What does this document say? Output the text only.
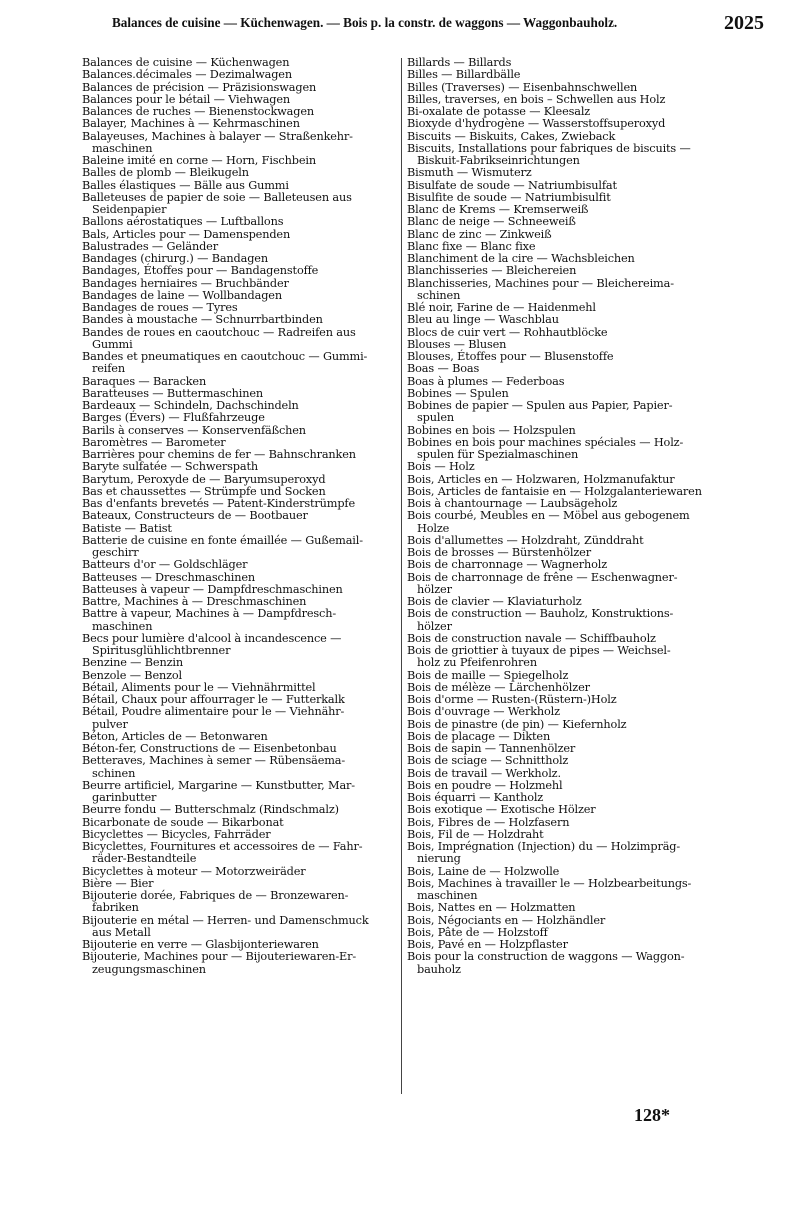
Balances de cuisine — Küchenwagen. — Bois p. la constr. de waggons — Waggonbauholz.	2025
Balances de cuisine — Küchenwagen
Balances.décimales — Dezimalwagen
Balances de précision — Präzisionswagen
Balances pour le bétail — Viehwagen
Balances de ruches — Bienenstockwagen
Balayer, Machines à — Kehrmaschinen
Balayeuses, Machines à balayer — Straßenkehr-
maschinen
Baleine imité en corne — Horn, Fischbein
Balles de plomb — Bleikugeln
Balles élastiques — Bälle aus Gummi
Balleteuses de papier de soie — Balleteusen aus
Seidenpapier
Ballons aérostatiques — Luftballons
Bals, Articles pour — Damenspenden
Balustrades — Geländer
Bandages (chirurg.) — Bandagen
Bandages, Étoffes pour — Bandagenstoffe
Bandages herniaires — Bruchbänder
Bandages de laine — Wollbandagen
Bandages de roues — Tyres
Bandes à moustache — Schnurrbartbinden
Bandes de roues en caoutchouc — Radreifen aus
Gummi
Bandes et pneumatiques en caoutchouc — Gummi-
reifen
Baraques — Baracken
Baratteuses — Buttermaschinen
Bardeaux — Schindeln, Dachschindeln
Barges (Évers) — Flußfahrzeuge
Barils à conserves — Konservenfäßchen
Baromètres — Barometer
Barrières pour chemins de fer — Bahnschranken
Baryte sulfatée — Schwerspath
Barytum, Peroxyde de — Baryumsuperoxyd
Bas et chaussettes — Strümpfe und Socken
Bas d'enfants brevetés — Patent-Kinderstrümpfe
Bateaux, Constructeurs de — Bootbauer
Batiste — Batist
Batterie de cuisine en fonte émaillée — Gußemail-
geschirr
Batteurs d'or — Goldschläger
Batteuses — Dreschmaschinen
Batteuses à vapeur — Dampfdreschmaschinen
Battre, Machines à — Dreschmaschinen
Battre à vapeur, Machines à — Dampfdresch-
maschinen
Becs pour lumière d'alcool à incandescence —
Spiritusglühlichtbrenner
Benzine — Benzin
Benzole — Benzol
Bétail, Aliments pour le — Viehnährmittel
Bétail, Chaux pour affourrager le — Futterkalk
Bétail, Poudre alimentaire pour le — Viehnähr-
pulver
Béton, Articles de — Betonwaren
Béton-fer, Constructions de — Eisenbetonbau
Betteraves, Machines à semer — Rübensäema-
schinen
Beurre artificiel, Margarine — Kunstbutter, Mar-
garinbutter
Beurre fondu — Butterschmalz (Rindschmalz)
Bicarbonate de soude — Bikarbonat
Bicyclettes — Bicycles, Fahrräder
Bicyclettes, Fournitures et accessoires de — Fahr-
räder-Bestandteile
Bicyclettes à moteur — Motorzweiräder
Bière — Bier
Bijouterie dorée, Fabriques de — Bronzewaren-
fabriken
Bijouterie en métal — Herren- und Damenschmuck
aus Metall
Bijouterie en verre — Glasbijonteriewaren
Bijouterie, Machines pour — Bijouteriewaren-Er-
zeugungsmaschinen
Billards — Billards
Billes — Billardbälle
Billes (Traverses) — Eisenbahnschwellen
Billes, traverses, en bois – Schwellen aus Holz
Bi-oxalate de potasse — Kleesalz
Bioxyde d'hydrogène — Wasserstoffsuperoxyd
Biscuits — Biskuits, Cakes, Zwieback
Biscuits, Installations pour fabriques de biscuits —
Biskuit-Fabrikseinrichtungen
Bismuth — Wismuterz
Bisulfate de soude — Natriumbisulfat
Bisulfite de soude — Natriumbisulfit
Blanc de Krems — Kremserweiß
Blanc de neige — Schneeweiß
Blanc de zinc — Zinkweiß
Blanc fixe — Blanc fixe
Blanchiment de la cire — Wachsbleichen
Blanchisseries — Bleichereien
Blanchisseries, Machines pour — Bleichereima-
schinen
Blé noir, Farine de — Haidenmehl
Bleu au linge — Waschblau
Blocs de cuir vert — Rohhautblöcke
Blouses — Blusen
Blouses, Étoffes pour — Blusenstoffe
Boas — Boas
Boas à plumes — Federboas
Bobines — Spulen
Bobines de papier — Spulen aus Papier, Papier-
spulen
Bobines en bois — Holzspulen
Bobines en bois pour machines spéciales — Holz-
spulen für Spezialmaschinen
Bois — Holz
Bois, Articles en — Holzwaren, Holzmanufaktur
Bois, Articles de fantaisie en — Holzgalanteriewaren
Bois à chantournage — Laubsägeholz
Bois courbé, Meubles en — Möbel aus gebogenem
Holze
Bois d'allumettes — Holzdraht, Zünddraht
Bois de brosses — Bürstenhölzer
Bois de charronnage — Wagnerholz
Bois de charronnage de frêne — Eschenwagner-
hölzer
Bois de clavier — Klaviaturholz
Bois de construction — Bauholz, Konstruktions-
hölzer
Bois de construction navale — Schiffbauholz
Bois de griottier à tuyaux de pipes — Weichsel-
holz zu Pfeifenrohren
Bois de maille — Spiegelholz
Bois de mélèze — Lärchenhölzer
Bois d'orme — Rusten-(Rüstern-)Holz
Bois d'ouvrage — Werkholz
Bois de pinastre (de pin) — Kiefernholz
Bois de placage — Dikten
Bois de sapin — Tannenhölzer
Bois de sciage — Schnittholz
Bois de travail — Werkholz.
Bois en poudre — Holzmehl
Bois équarri — Kantholz
Bois exotique — Exotische Hölzer
Bois, Fibres de — Holzfasern
Bois, Fil de — Holzdraht
Bois, Imprégnation (Injection) du — Holzimpräg-
nierung
Bois, Laine de — Holzwolle
Bois, Machines à travailler le — Holzbearbeitungs-
maschinen
Bois, Nattes en — Holzmatten
Bois, Négociants en — Holzhändler
Bois, Pâte de — Holzstoff
Bois, Pavé en — Holzpflaster
Bois pour la construction de waggons — Waggon-
bauholz
128*
